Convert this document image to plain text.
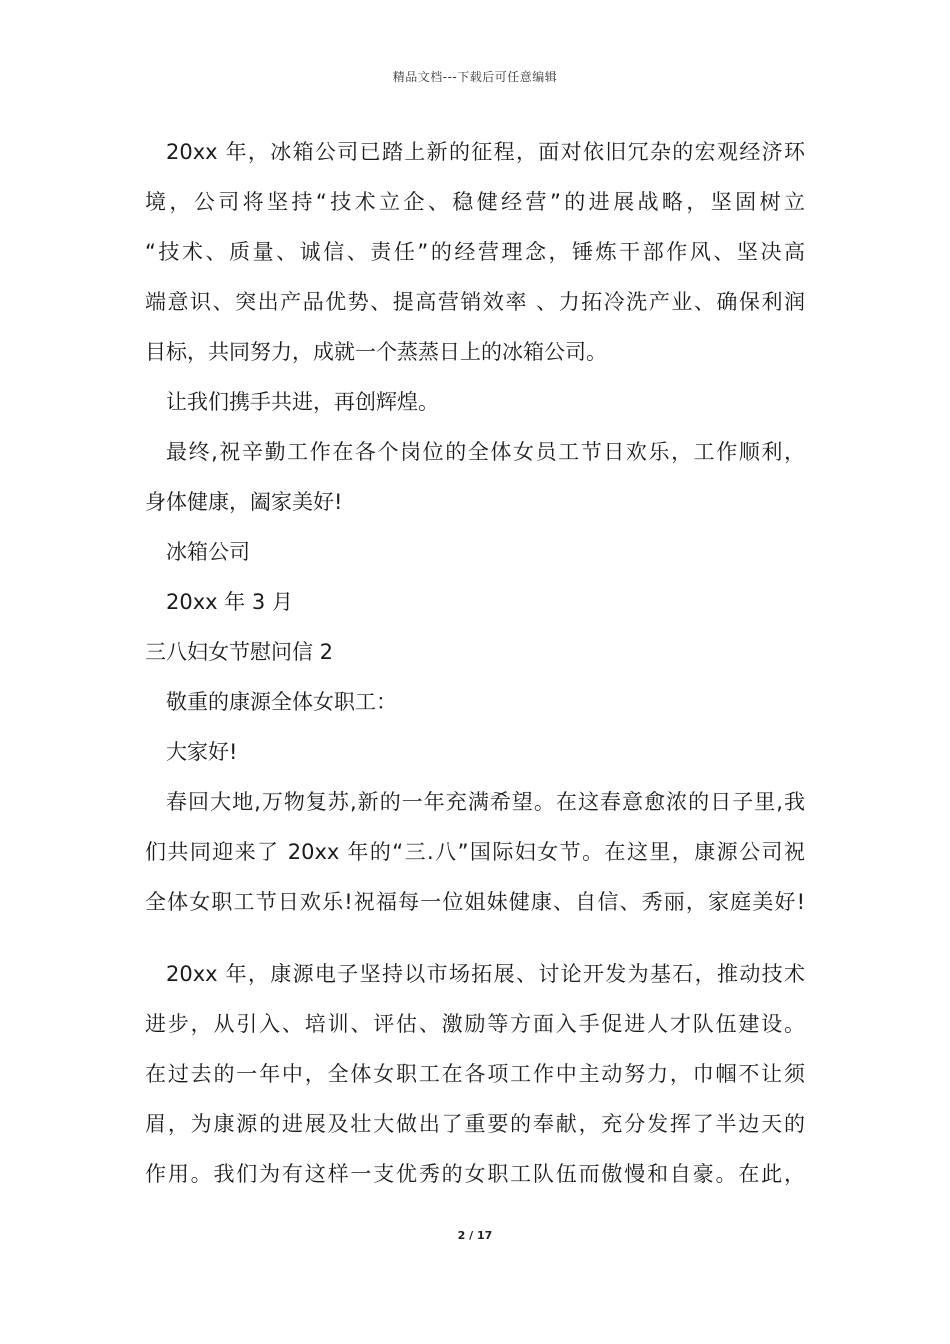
精品文档---下载后可任意编辑
20xx 年，冰箱公司已踏上新的征程，面对依旧冗杂的宏观经济环
境，公司将坚持“技术立企、稳健经营”的进展战略，坚固树立
“技术、质量、诚信、责任”的经营理念，锤炼干部作风、坚决高
端意识、突出产品优势、提高营销效率 、力拓冷洗产业、确保利润
目标，共同努力，成就一个蒸蒸日上的冰箱公司。
让我们携手共进，再创辉煌。
最终,祝辛勤工作在各个岗位的全体女员工节日欢乐，工作顺利，
身体健康，阖家美好!
冰箱公司
20xx 年 3 月
三八妇女节慰问信 2
敬重的康源全体女职工：
大家好!
春回大地,万物复苏,新的一年充满希望。在这春意愈浓的日子里,我
们共同迎来了 20xx 年的“三.八”国际妇女节。在这里，康源公司祝
全体女职工节日欢乐!祝福每一位姐妹健康、自信、秀丽，家庭美好!
20xx 年，康源电子坚持以市场拓展、讨论开发为基石，推动技术
进步，从引入、培训、评估、激励等方面入手促进人才队伍建设。
在过去的一年中，全体女职工在各项工作中主动努力，巾帼不让须
眉，为康源的进展及壮大做出了重要的奉献，充分发挥了半边天的
作用。我们为有这样一支优秀的女职工队伍而傲慢和自豪。在此，
2 / 17
